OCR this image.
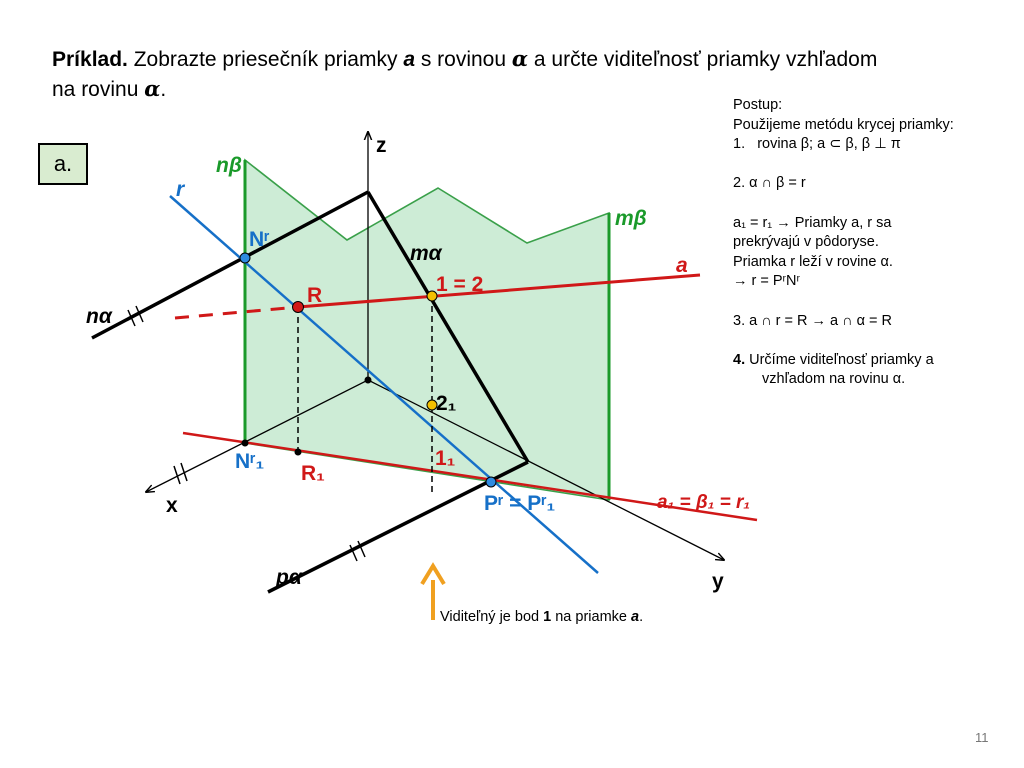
Príklad. Zobrazte priesečník priamky a s rovinou α a určte viditeľnosť priamky vzhľadom
na rovinu α.
a.
Postup:
Použijeme metódu krycej priamky:
1. rovina β; a ⊂ β, β ⊥ π
2. α ∩ β = r
a₁ = r₁ → Priamky a, r sa
prekrývajú v pôdoryse.
Priamka r leží v rovine α.
→ r = PʳNʳ
3. a ∩ r = R → a ∩ α = R
4. Určíme viditeľnosť priamky a
vzhľadom na rovinu α.
z
x
y
nβ
mβ
r
Nʳ
mα
a
1 = 2
R
nα
2₁
Nʳ₁
R₁
1₁
Pʳ = Pʳ₁	a₁ = β₁ = r₁
pα
Viditeľný je bod 1 na priamke a.
11
